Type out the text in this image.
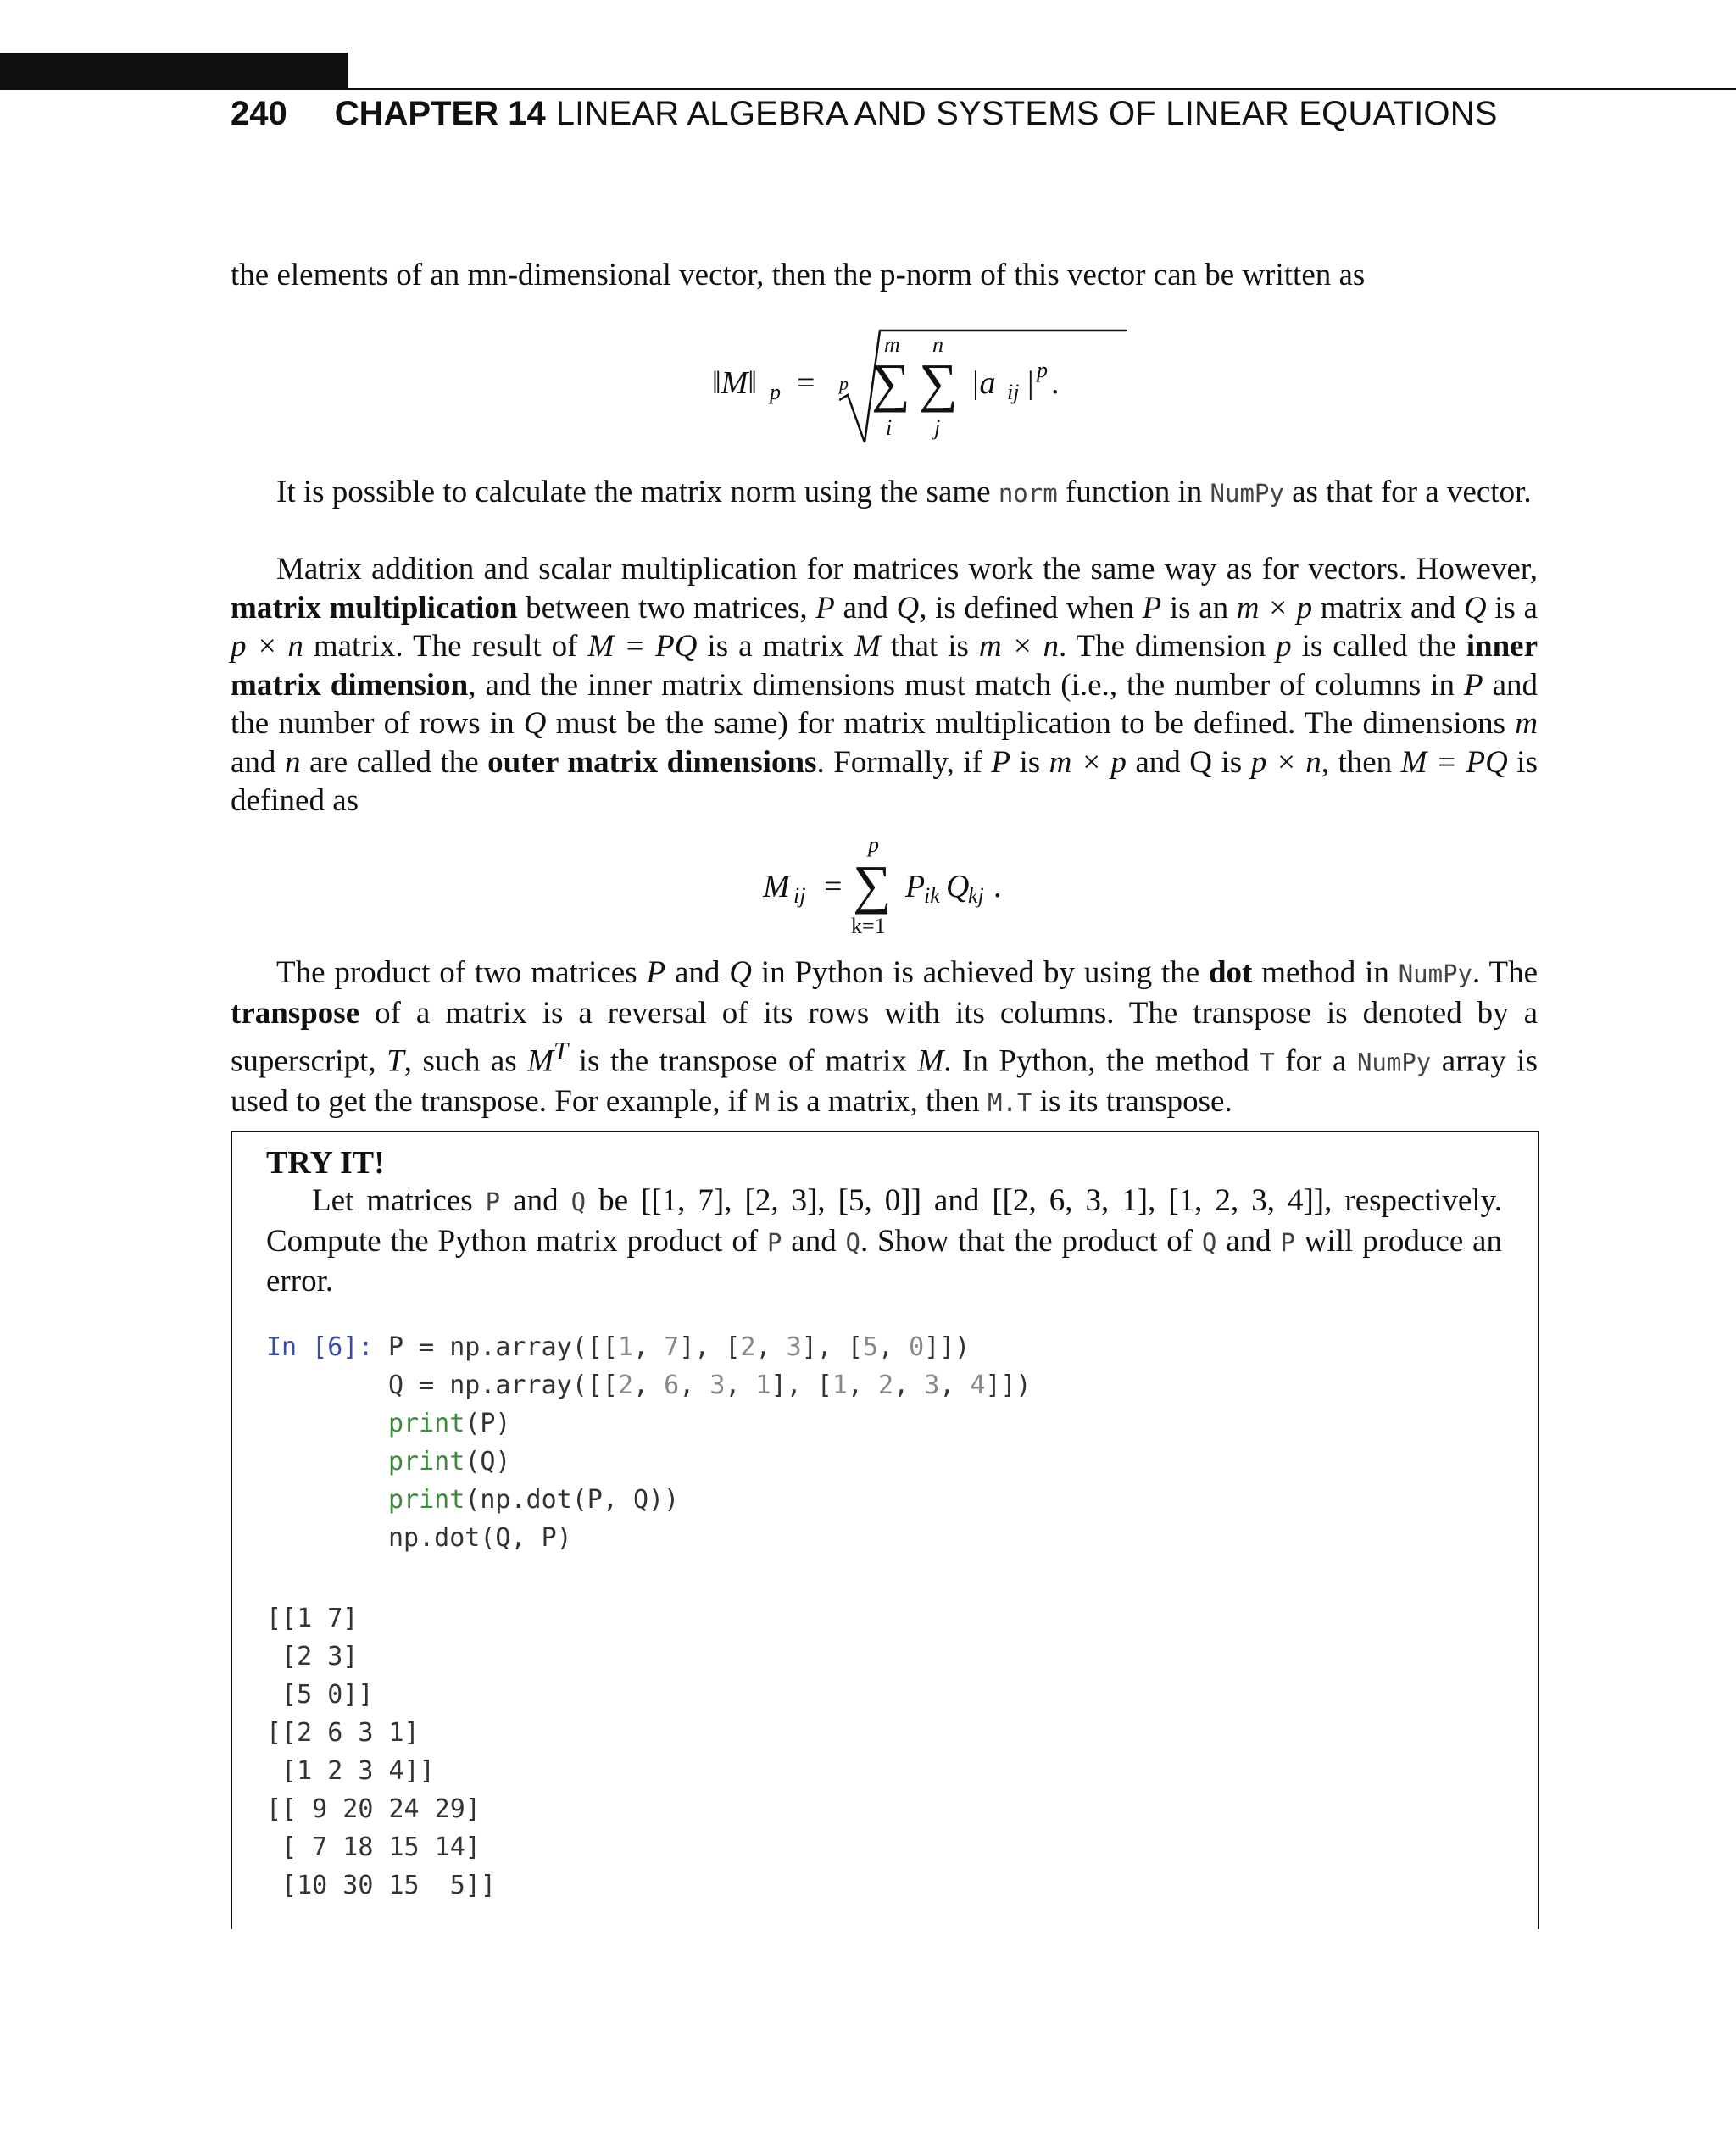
240 CHAPTER 14 LINEAR ALGEBRA AND SYSTEMS OF LINEAR EQUATIONS
the elements of an mn-dimensional vector, then the p-norm of this vector can be written as
‖M‖ p = p
m
∑
i
n
∑
j
|a ij | p .
It is possible to calculate the matrix norm using the same norm function in NumPy as that for a vector.
Matrix addition and scalar multiplication for matrices work the same way as for vectors. However, matrix multiplication between two matrices, P and Q, is defined when P is an m × p matrix and Q is a p × n matrix. The result of M = PQ is a matrix M that is m × n. The dimension p is called the inner matrix dimension, and the inner matrix dimensions must match (i.e., the number of columns in P and the number of rows in Q must be the same) for matrix multiplication to be defined. The dimensions m and n are called the outer matrix dimensions. Formally, if P is m × p and Q is p × n, then M = PQ is defined as
M ij =
p
∑
k=1
P
ik Q
kj .
The product of two matrices P and Q in Python is achieved by using the dot method in NumPy. The transpose of a matrix is a reversal of its rows with its columns. The transpose is denoted by a superscript, T, such as $M^T$ is the transpose of matrix M. In Python, the method T for a NumPy array is used to get the transpose. For example, if M is a matrix, then M.T is its transpose.
TRY IT!
Let matrices P and Q be [[1, 7], [2, 3], [5, 0]] and [[2, 6, 3, 1], [1, 2, 3, 4]], respectively. Compute the Python matrix product of P and Q. Show that the product of Q and P will produce an error.
In [6]: P = np.array([[1, 7], [2, 3], [5, 0]])
Q = np.array([[2, 6, 3, 1], [1, 2, 3, 4]])
print(P)
print(Q)
print(np.dot(P, Q))
np.dot(Q, P)
[[1 7]
[2 3]
[5 0]]
[[2 6 3 1]
[1 2 3 4]]
[[ 9 20 24 29]
[ 7 18 15 14]
[10 30 15  5]]
